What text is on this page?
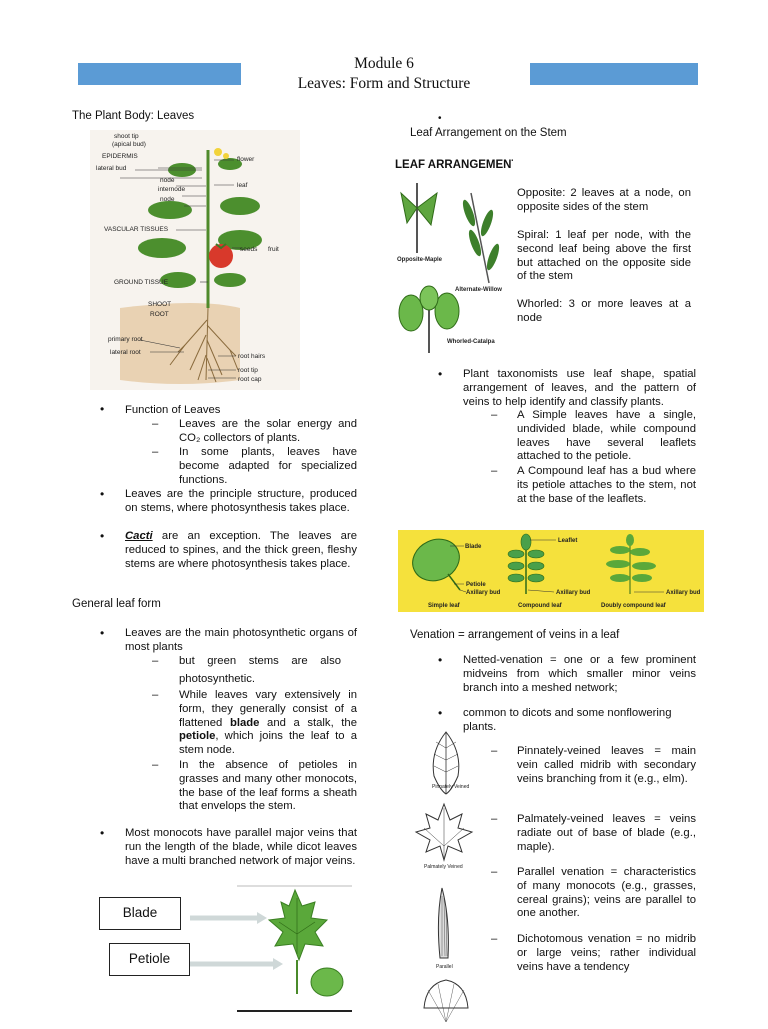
Module 6
Leaves: Form and Structure
The Plant Body: Leaves
shoot tip
(apical bud)
EPIDERMIS
lateral bud
node
internode
node
VASCULAR TISSUES
GROUND TISSUE
SHOOT
ROOT
primary root
lateral root
flower
leaf
seeds fruit
root hairs
root tip
root cap
• Function of Leaves
– Leaves are the solar energy and CO₂ collectors of plants.
– In some plants, leaves have become adapted for specialized functions.
• Leaves are the principle structure, produced on stems, where photosynthesis takes place.
• Cacti are an exception. The leaves are reduced to spines, and the thick green, fleshy stems are where photosynthesis takes place.
General leaf form
• Leaves are the main photosynthetic organs of most plants
– but    green    stems    are    also
photosynthetic.
– While leaves vary extensively in form, they generally consist of a flattened blade and a stalk, the petiole, which joins the leaf to a stem node.
– In the absence of petioles in grasses and many other monocots, the base of the leaf forms a sheath that envelops the stem.
• Most monocots have parallel major veins that run the length of the blade, while dicot leaves have a multi branched network of major veins.
Blade
Petiole
•
Leaf Arrangement on the Stem
LEAF ARRANGEMENT
Opposite-Maple
Alternate-Willow
Whorled-Catalpa
Opposite: 2 leaves at a node, on opposite sides of the stem
Spiral: 1 leaf per node, with the second leaf being above the first but attached on the opposite side of the stem
Whorled: 3 or more leaves at a node
• Plant taxonomists use leaf shape, spatial arrangement of leaves, and the pattern of veins to help identify and classify plants.
– A Simple leaves have a single, undivided blade, while compound leaves have several leaflets attached to the petiole.
– A Compound leaf has a bud where its petiole attaches to the stem, not at the base of the leaflets.
Blade
Petiole
Axillary bud
Leaflet
Axillary bud	Axillary bud
Simple leaf	Compound leaf	Doubly compound leaf
Venation = arrangement of veins in a leaf
• Netted-venation = one or a few prominent midveins from which smaller minor veins branch into a meshed network;
• common to dicots and some nonflowering plants.
Pinnately Veined
Palmately Veined
Parallel
– Pinnately-veined leaves = main vein called midrib with secondary veins branching from it (e.g., elm).
– Palmately-veined leaves = veins radiate out of base of blade (e.g., maple).
– Parallel venation = characteristics of many monocots (e.g., grasses, cereal grains); veins are parallel to one another.
– Dichotomous venation = no midrib or large veins; rather individual veins have a tendency
